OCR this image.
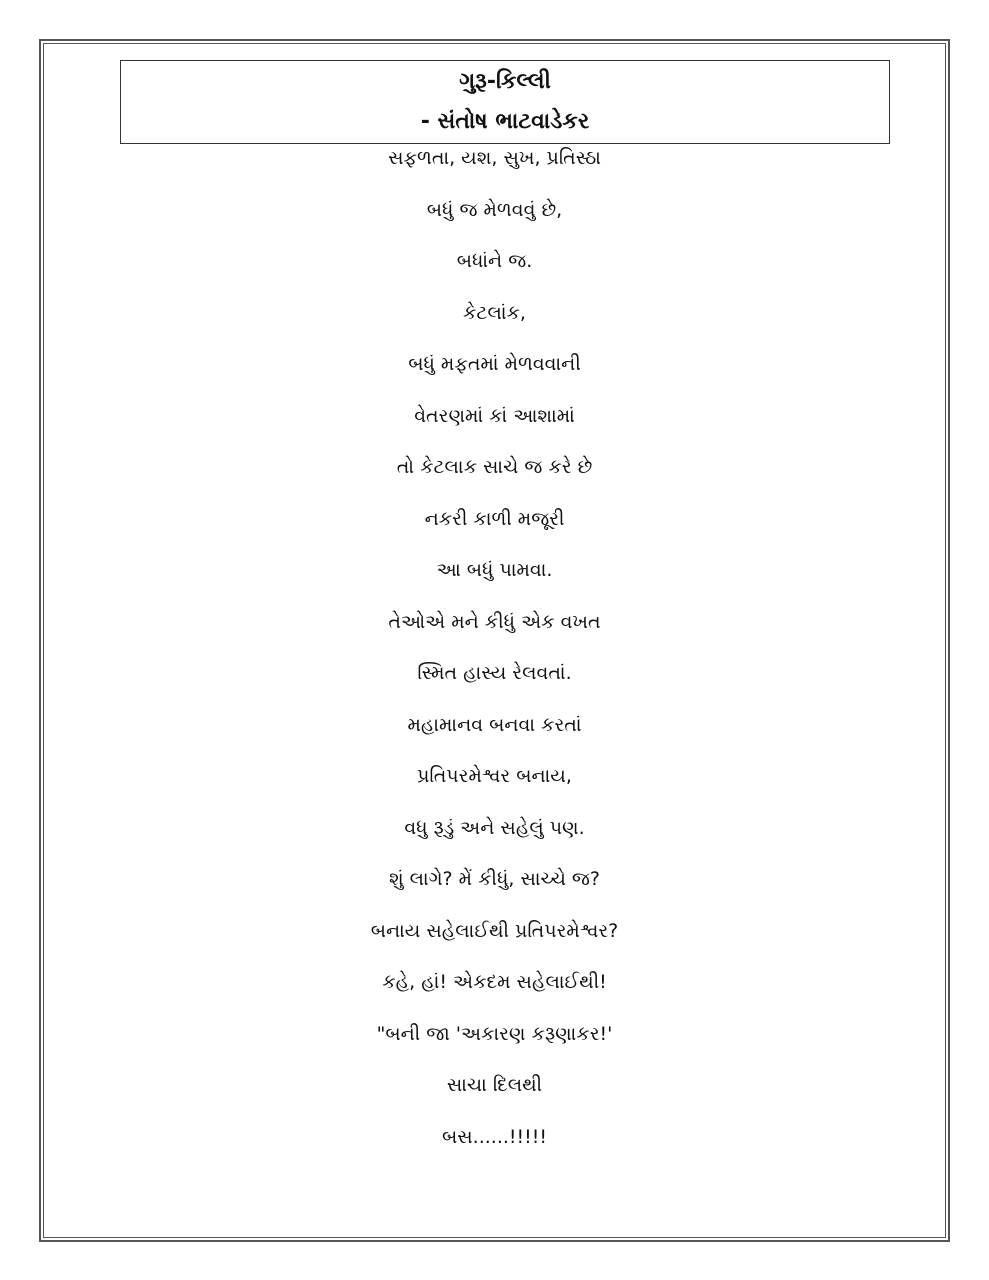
ગુરૂ-કિલ્લી

- સંતોષ ભાટવાડેકર

સફળતા, યશ, સુખ, પ્રતિસ્ઠા
બધું જ મેળવવું છે,
બધાંને જ.
કેટલાંક,
બધું મફતમાં મેળવવાની
વેતરણમાં કાં આશામાં
તો કેટલાક સાચે જ કરે છે
નકરી કાળી મજૂરી
આ બધું પામવા.
તેઓએ મને કીધું એક વખત
સ્મિત હાસ્ય રેલવતાં.
મહામાનવ બનવા કરતાં
પ્રતિપરમેશ્વર બનાય,
વધુ રૂડું અને સહેલું પણ.
શું લાગે? મેં કીધું, સાચ્ચે જ?
બનાય સહેલાઈથી પ્રતિપરમેશ્વર?
કહે, હાં! એકદમ સહેલાઈથી!
"બની જા 'અકારણ કરૂણાકર!'
સાચા દિલથી
બસ......!!!!!
